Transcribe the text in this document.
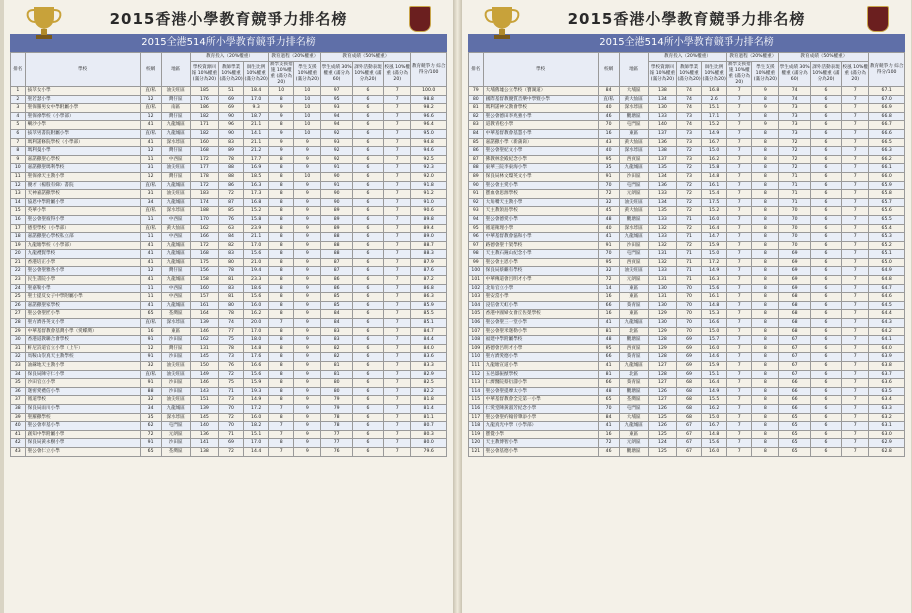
2015香港小學教育競爭力排名榜
2015全港514所小學教育競爭力排名榜
排名	學校	校網	地區	教育投入（20%權重）			教育過程（20%權重）		教育成績（50%權重）			教育競爭力 綜合得分/100
				學校資源回報 10%權重 (滿分為20)	教師學業 10%權重 (滿分為20)	師生比例 10%權重 (滿分為20)	教學支援措施 10%權重 (滿分為20)	學生支援 10%權重 (滿分為20)	學生成績 30%權重 (滿分為60)	課外活動表現 10%權重 (滿分為20)	校風 10%權重 (滿分為20)	
1	拔萃女小學	直/私	油尖旺區	185	51	18.4	10	10	97	6	7	100.0
2	聖若瑟小學	12	灣仔區	176	69	17.0	8	10	95	6	7	98.8
3	聖保羅男女中學附屬小學	直/私	南區	186	69	9.3	9	10	93	6	7	98.2
4	聖保祿學校（小學部）	12	灣仔區	182	90	18.7	9	10	94	6	7	96.6
5	喇沙小學	41	九龍城區	171	96	21.1	8	10	94	6	7	96.4
6	拔萃男書院附屬小學	直/私	九龍城區	182	90	14.1	9	10	92	6	7	95.0
7	瑪利諾修院學校（小學部）	41	深水埗區	160	83	21.1	9	9	93	6	7	94.8
8	瑪利曼小學	12	灣仔區	168	89	21.2	9	9	92	6	7	94.6
9	嘉諾撒聖心學校	11	中西區	172	78	17.7	8	9	92	6	7	92.5
10	嘉諾撒聖瑪利學校	31	油尖旺區	177	88	16.9	8	9	91	6	7	92.3
11	聖保祿天主教小學	12	灣仔區	178	88	18.5	8	10	90	6	7	92.0
12	優才（楊殷有娣）書院	直/私	九龍城區	172	86	16.3	8	9	91	6	7	91.8
13	天神嘉諾撒學校	31	油尖旺區	183	72	17.3	8	9	90	6	7	91.2
14	協恩中學附屬小學	34	九龍城區	174	87	16.8	8	9	90	6	7	91.0
15	英華小學	直/私	深水埗區	188	85	15.2	8	9	89	6	7	90.6
16	聖公會聖彼得小學	11	中西區	170	76	15.8	8	9	89	6	7	89.8
17	德望學校（小學部）	直/私	黃大仙區	162	63	23.9	8	9	89	6	7	89.4
18	嘉諾撒聖心學校私立部	11	中西區	166	84	21.1	8	9	88	6	7	89.0
19	九龍塘學校（小學部）	41	九龍城區	172	82	17.0	8	9	88	6	7	88.7
20	九龍禮賢學校	41	九龍城區	168	83	15.6	8	9	88	6	7	88.3
21	香港培正小學	41	九龍城區	175	80	21.0	8	9	87	6	7	87.9
22	聖公會聖雅各小學	12	灣仔區	156	78	19.4	8	9	87	6	7	87.6
23	民生書院小學	41	九龍城區	158	81	23.3	8	9	86	6	7	87.2
24	聖嘉勒小學	11	中西區	160	83	18.6	8	9	86	6	7	86.8
25	聖士提反女子中學附屬小學	11	中西區	157	81	15.6	8	9	85	6	7	86.3
26	嘉諾撒聖家學校	41	九龍城區	161	80	16.0	8	9	85	6	7	85.9
27	聖公會聖匠小學	65	荃灣區	164	78	16.2	8	9	84	6	7	85.5
28	聖方濟各英文小學	直/私	深水埗區	139	74	20.0	7	9	84	6	7	85.1
29	中華基督教會基灣小學（愛蝶灣）	16	東區	146	77	17.0	8	9	83	6	7	84.7
30	香港道教聯合會學校	91	沙田區	162	75	18.0	8	9	83	6	7	84.4
31	軒尼詩道官立小學（上午）	12	灣仔區	131	78	14.8	8	9	82	6	7	84.0
32	馬鞍山崇真天主教學校	91	沙田區	145	73	17.6	8	9	82	6	7	83.6
33	油蔴地天主教小學	32	油尖旺區	150	76	16.6	8	9	81	6	7	83.3
34	保良局陳守仁小學	直/私	油尖旺區	149	72	15.6	8	9	81	6	7	82.9
35	沙田官立小學	91	沙田區	146	75	15.9	8	9	80	6	7	82.5
36	迦密愛禮信小學	88	沙田區	143	71	19.3	8	9	80	6	7	82.2
37	循道學校	32	油尖旺區	151	73	14.9	8	9	79	6	7	81.8
38	保良局雨川小學	34	九龍城區	139	70	17.2	7	9	79	6	7	81.4
39	聖羅撒學校	35	深水埗區	145	72	16.0	8	9	78	6	7	81.1
40	聖公會奉基小學	62	屯門區	140	70	18.2	7	9	78	6	7	80.7
41	創知中學附屬小學	72	元朗區	136	71	15.1	7	9	77	6	7	80.3
42	保良局黃永樹小學	91	沙田區	141	69	17.0	8	9	77	6	7	80.0
43	聖公會仁立小學	65	荃灣區	138	72	14.4	7	9	76	6	7	79.6
2015香港小學教育競爭力排名榜
2015全港514所小學教育競爭力排名榜
排名	學校	校網	地區	教育投入（20%權重）			教育過程（20%權重）		教育成績（50%權重）			教育競爭力 綜合得分/100
				學校資源回報 10%權重 (滿分為20)	教師學業 10%權重 (滿分為20)	師生比例 10%權重 (滿分為20)	教學支援措施 10%權重 (滿分為20)	學生支援 10%權重 (滿分為20)	學生成績 30%權重 (滿分為60)	課外活動表現 10%權重 (滿分為20)	校風 10%權重 (滿分為20)	
79	大埔舊墟公立學校（寶湖道）	84	大埔區	138	74	16.8	7	9	74	6	7	67.1
80	國際基督教優質音樂中學暨小學	直/私	黃大仙區	134	74	2.6	7	8	74	6	7	67.0
81	瑪利諾神父教會學校	40	深水埗區	130	74	15.1	7	9	73	6	7	66.9
82	聖公會德田李兆強小學	46	觀塘區	133	73	17.1	7	8	73	6	7	66.8
83	道教青松小學	70	屯門區	140	74	15.2	7	9	73	6	7	66.7
84	中華基督教會基慧小學	16	東區	137	73	14.9	7	8	73	6	7	66.6
85	嘉諾撒小學（新蒲崗）	43	黃大仙區	136	73	16.7	7	8	72	6	7	66.5
86	聖公會聖紀文小學	40	深水埗區	138	72	15.0	7	8	72	6	7	66.3
87	佛教林金殿紀念小學	95	西貢區	137	73	16.2	7	8	72	6	7	66.2
88	東華三院李東海小學	35	九龍城區	135	72	15.8	7	8	72	6	7	66.1
89	保良局林文燦英文小學	91	沙田區	134	73	14.8	7	8	71	6	7	66.0
90	聖公會主愛小學	70	屯門區	136	72	16.1	7	8	71	6	7	65.9
91	寶血會思源學校	72	元朗區	133	72	15.4	7	8	71	6	7	65.8
92	大角嘴天主教小學	32	油尖旺區	134	72	17.5	7	8	71	6	7	65.7
93	天主教領島學校	45	黃大仙區	135	72	15.2	7	8	70	6	7	65.6
94	聖公會德愛小學	48	觀塘區	133	71	16.0	7	8	70	6	7	65.5
95	循道衛理小學	40	深水埗區	132	72	16.4	7	8	70	6	7	65.4
96	中華基督教會協和小學	41	九龍城區	133	71	14.7	7	8	70	6	7	65.3
97	路德會聖十架學校	91	沙田區	132	72	15.9	7	8	70	6	7	65.2
98	天主教石鐘山紀念小學	70	屯門區	131	71	15.0	7	8	69	6	7	65.1
99	聖公會主恩小學	95	西貢區	132	71	17.2	7	8	69	6	7	65.0
100	保良局蔡繼有學校	32	油尖旺區	133	71	14.9	7	8	69	6	7	64.9
101	中華傳道會呂明才小學	72	元朗區	131	71	16.3	7	8	69	6	7	64.8
102	北角官立小學	14	東區	130	70	15.6	7	8	69	6	7	64.7
103	聖安當小學	16	東區	131	70	16.1	7	8	68	6	7	64.6
104	浸信會天虹小學	66	葵青區	130	70	14.8	7	8	68	6	7	64.5
105	香港中國婦女會丘佐榮學校	16	東區	129	70	15.3	7	8	68	6	7	64.4
106	聖公會聖三一堂小學	41	九龍城區	130	70	16.6	7	8	68	6	7	64.3
107	聖公會聖米迦勒小學	81	北區	129	70	15.0	7	8	68	6	7	64.2
108	福建中學附屬學校	48	觀塘區	128	69	15.7	7	8	67	6	7	64.1
109	路德會呂明才小學	95	西貢區	129	69	16.0	7	8	67	6	7	64.0
110	聖方濟愛德小學	66	葵青區	128	69	14.6	7	8	67	6	7	63.9
111	九龍塘宣道小學	41	九龍城區	127	69	15.9	7	8	67	6	7	63.8
112	五邑鄒振猷學校	81	北區	128	69	15.1	7	8	67	6	7	63.7
113	仁濟醫院蔡衍濤小學	66	葵青區	127	68	16.4	7	8	66	6	7	63.6
114	聖公會聖提摩太小學	48	觀塘區	126	68	14.9	7	8	66	6	7	63.5
115	中華基督教會全完第一小學	65	荃灣區	127	68	15.5	7	8	66	6	7	63.4
116	仁愛堂陳黃淑芳紀念小學	70	屯門區	126	68	16.2	7	8	66	6	7	63.3
117	聖公會聖約翰曾肇添小學	84	大埔區	125	68	15.0	7	8	65	6	7	63.2
118	九龍真光中學（小學部）	41	九龍城區	126	67	16.7	7	8	65	6	7	63.1
119	寶覺小學	16	東區	125	67	14.8	7	8	65	6	7	63.0
120	天主教博智小學	72	元朗區	124	67	15.6	7	8	65	6	7	62.9
121	聖公會基德小學	46	觀塘區	125	67	16.0	7	8	65	6	7	62.8
